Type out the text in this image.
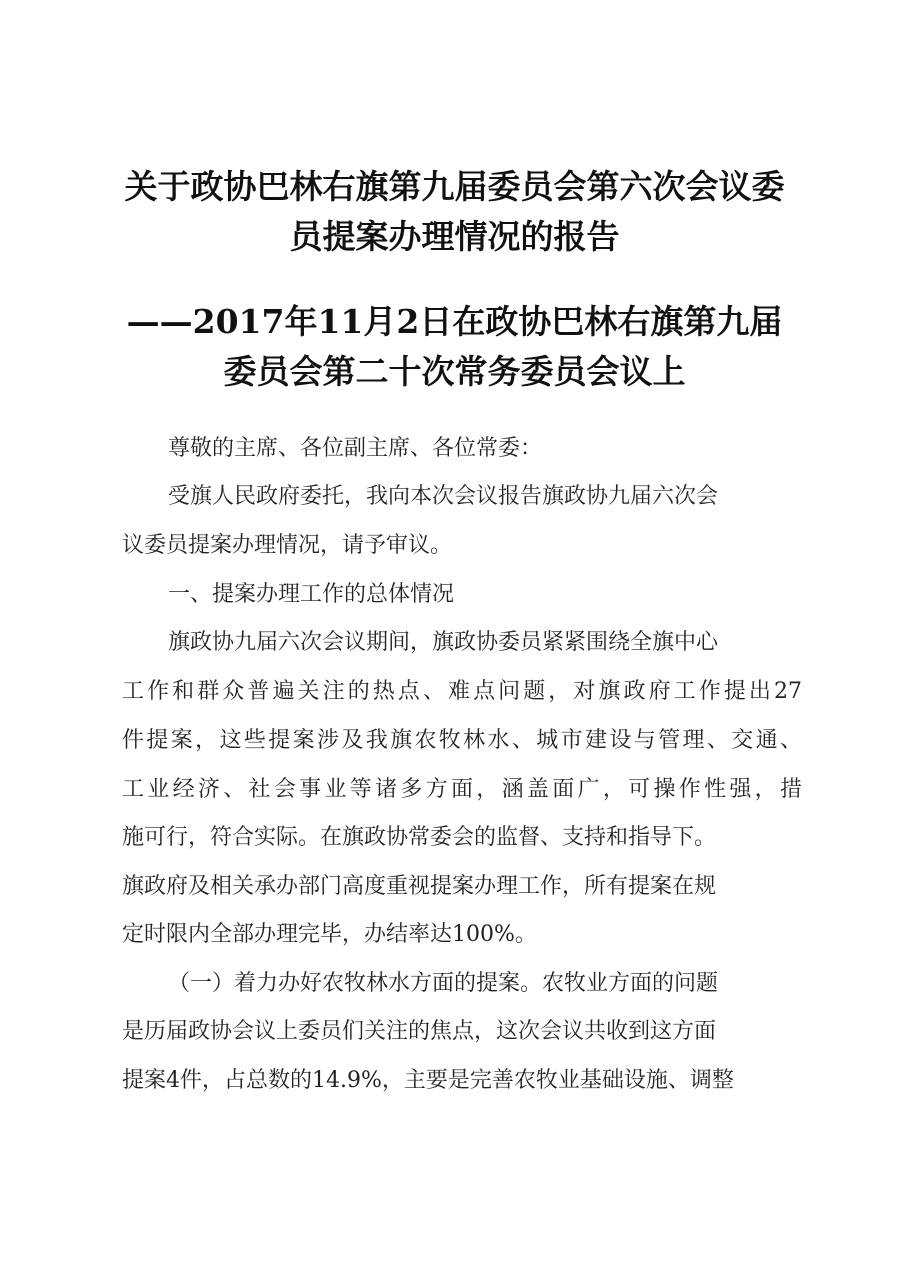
关于政协巴林右旗第九届委员会第六次会议委
员提案办理情况的报告
——2017年11月2日在政协巴林右旗第九届
委员会第二十次常务委员会议上
尊敬的主席、各位副主席、各位常委：
受旗人民政府委托，我向本次会议报告旗政协九届六次会
议委员提案办理情况，请予审议。
一、提案办理工作的总体情况
旗政协九届六次会议期间，旗政协委员紧紧围绕全旗中心
工作和群众普遍关注的热点、难点问题，对旗政府工作提出27
件提案，这些提案涉及我旗农牧林水、城市建设与管理、交通、
工业经济、社会事业等诸多方面，涵盖面广，可操作性强，措
施可行，符合实际。在旗政协常委会的监督、支持和指导下。
旗政府及相关承办部门高度重视提案办理工作，所有提案在规
定时限内全部办理完毕，办结率达100%。
（一）着力办好农牧林水方面的提案。农牧业方面的问题
是历届政协会议上委员们关注的焦点，这次会议共收到这方面
提案4件，占总数的14.9%，主要是完善农牧业基础设施、调整
